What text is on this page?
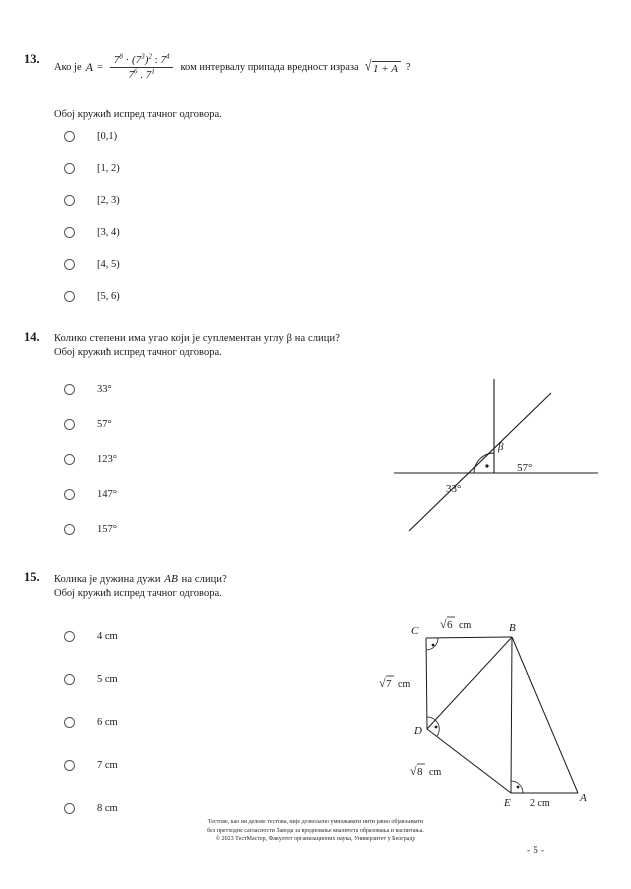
13.
Ако је $A = \frac{7^8 \cdot (7^3)^2 : 7^4}{7^6 . 7^1}$ ком интервалу припада вредност израза √ 1 + A ?
Обој кружић испред тачног одговора.
[0,1)
[1, 2)
[2, 3)
[3, 4)
[4, 5)
[5, 6)
14. Колико степени има угао који је суплементан углу β на слици?
Обој кружић испред тачног одговора.
33°
57°
123°
147°
157°
β
57°
33°
15. Колика је дужина дужи AB на слици?
Обој кружић испред тачног одговора.
4 cm
5 cm
6 cm
7 cm
8 cm
C	B
D
E	A
√ 6 cm
√ 7 cm
√ 8 cm
2 cm
Тестове, као ни делове тестова, није дозвољено умножавати нити јавно објављивати
без претходне сагласности Завода за вредновање квалитета образовања и васпитања.
© 2023 ТестМастер, Факултет организационих наука, Универзитет у Београду
- 5 -
